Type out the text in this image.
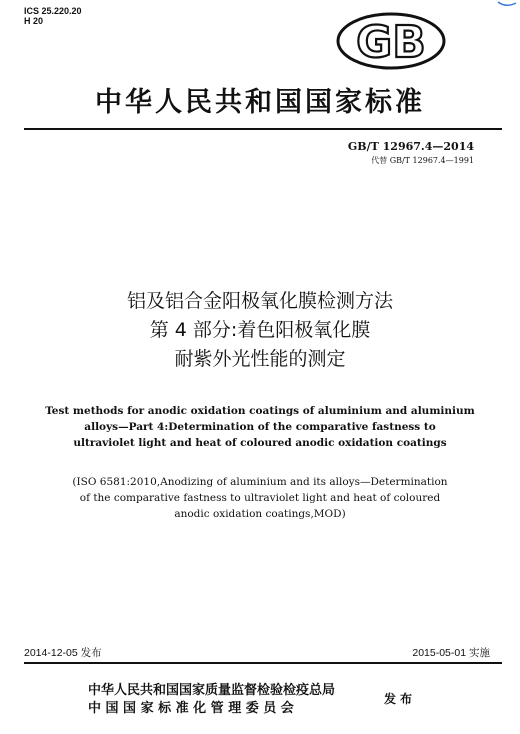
ICS 25.220.20
H 20	GB
中华人民共和国国家标准
GB/T 12967.4—2014
代替 GB/T 12967.4—1991
铝及铝合金阳极氧化膜检测方法
第 4 部分:着色阳极氧化膜
耐紫外光性能的测定
Test methods for anodic oxidation coatings of aluminium and aluminium
alloys—Part 4:Determination of the comparative fastness to
ultraviolet light and heat of coloured anodic oxidation coatings
(ISO 6581:2010,Anodizing of aluminium and its alloys—Determination
of the comparative fastness to ultraviolet light and heat of coloured
anodic oxidation coatings,MOD)
2014-12-05 发布	2015-05-01 实施
中华人民共和国国家质量监督检验检疫总局
中 国 国 家 标 准 化 管 理 委 员 会
发布
